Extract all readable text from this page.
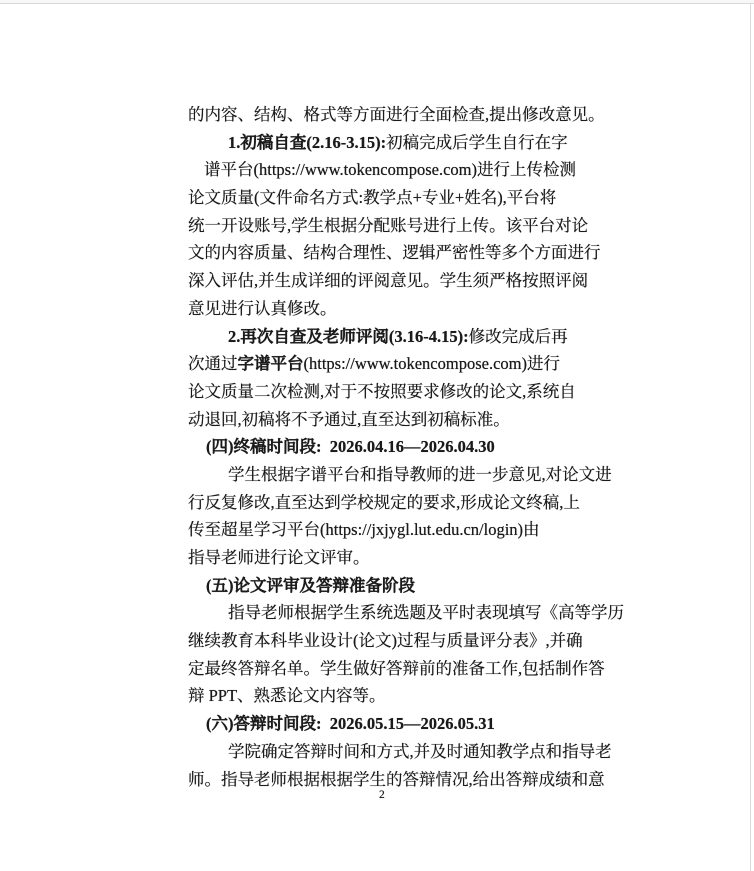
的内容、结构、格式等方面进行全面检查,提出修改意见。
1.初稿自查(2.16-3.15):初稿完成后学生自行在字
谱平台(https://www.tokencompose.com)进行上传检测
论文质量(文件命名方式:教学点+专业+姓名),平台将
统一开设账号,学生根据分配账号进行上传。该平台对论
文的内容质量、结构合理性、逻辑严密性等多个方面进行
深入评估,并生成详细的评阅意见。学生须严格按照评阅
意见进行认真修改。
2.再次自查及老师评阅(3.16-4.15):修改完成后再
次通过字谱平台(https://www.tokencompose.com)进行
论文质量二次检测,对于不按照要求修改的论文,系统自
动退回,初稿将不予通过,直至达到初稿标准。
(四)终稿时间段:  2026.04.16—2026.04.30
学生根据字谱平台和指导教师的进一步意见,对论文进
行反复修改,直至达到学校规定的要求,形成论文终稿,上
传至超星学习平台(https://jxjygl.lut.edu.cn/login)由
指导老师进行论文评审。
(五)论文评审及答辩准备阶段
指导老师根据学生系统选题及平时表现填写《高等学历
继续教育本科毕业设计(论文)过程与质量评分表》,并确
定最终答辩名单。学生做好答辩前的准备工作,包括制作答
辩 PPT、熟悉论文内容等。
(六)答辩时间段:  2026.05.15—2026.05.31
学院确定答辩时间和方式,并及时通知教学点和指导老
师。指导老师根据根据学生的答辩情况,给出答辩成绩和意
2
